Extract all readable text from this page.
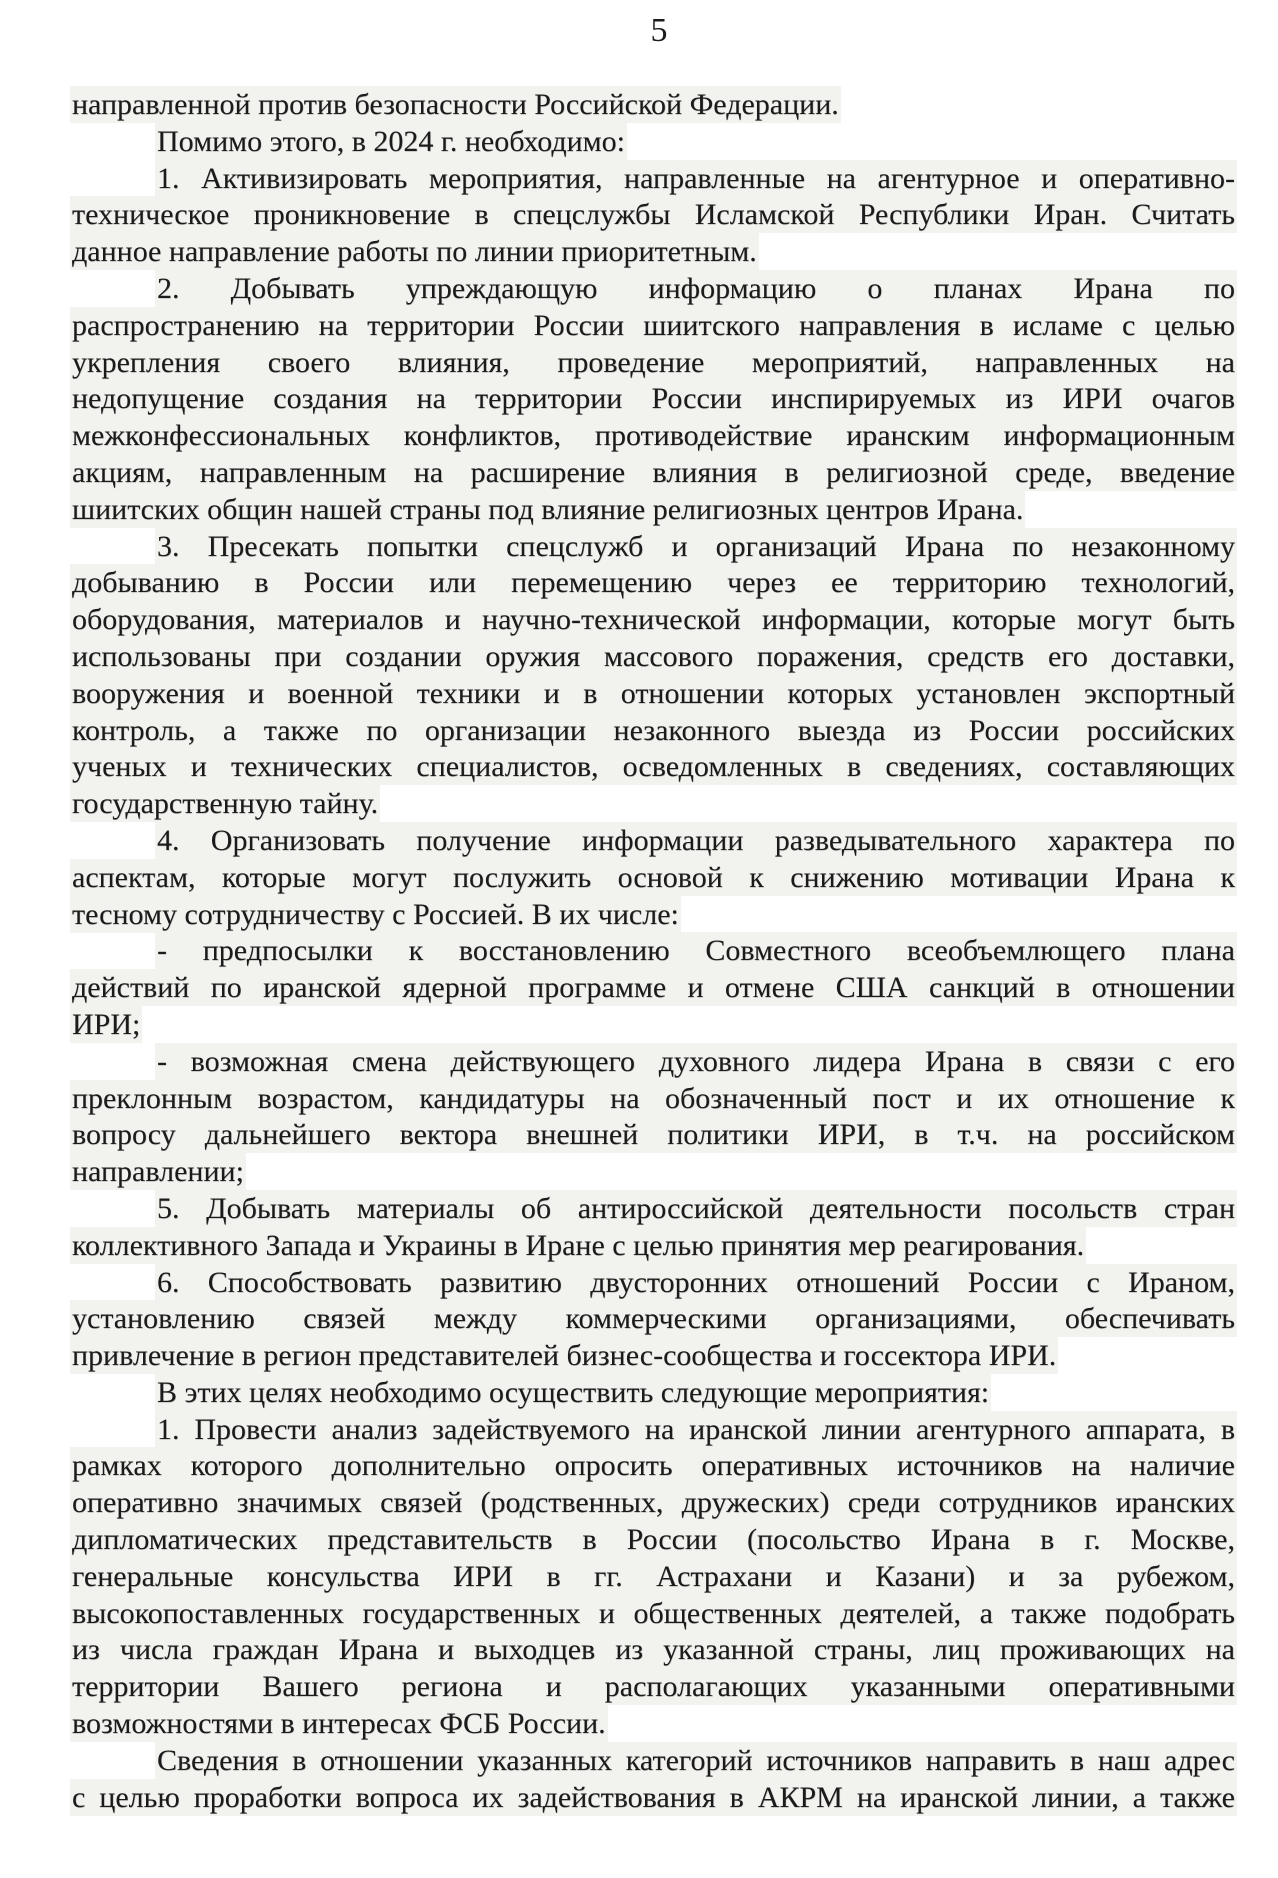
5
направленной против безопасности Российской Федерации.
Помимо этого, в 2024 г. необходимо:
1. Активизировать мероприятия, направленные на агентурное и оперативно-
техническое проникновение в спецслужбы Исламской Республики Иран. Считать
данное направление работы по линии приоритетным.
2. Добывать упреждающую информацию о планах Ирана по
распространению на территории России шиитского направления в исламе с целью
укрепления своего влияния, проведение мероприятий, направленных на
недопущение создания на территории России инспирируемых из ИРИ очагов
межконфессиональных конфликтов, противодействие иранским информационным
акциям, направленным на расширение влияния в религиозной среде, введение
шиитских общин нашей страны под влияние религиозных центров Ирана.
3. Пресекать попытки спецслужб и организаций Ирана по незаконному
добыванию в России или перемещению через ее территорию технологий,
оборудования, материалов и научно-технической информации, которые могут быть
использованы при создании оружия массового поражения, средств его доставки,
вооружения и военной техники и в отношении которых установлен экспортный
контроль, а также по организации незаконного выезда из России российских
ученых и технических специалистов, осведомленных в сведениях, составляющих
государственную тайну.
4. Организовать получение информации разведывательного характера по
аспектам, которые могут послужить основой к снижению мотивации Ирана к
тесному сотрудничеству с Россией. В их числе:
- предпосылки к восстановлению Совместного всеобъемлющего плана
действий по иранской ядерной программе и отмене США санкций в отношении
ИРИ;
- возможная смена действующего духовного лидера Ирана в связи с его
преклонным возрастом, кандидатуры на обозначенный пост и их отношение к
вопросу дальнейшего вектора внешней политики ИРИ, в т.ч. на российском
направлении;
5. Добывать материалы об антироссийской деятельности посольств стран
коллективного Запада и Украины в Иране с целью принятия мер реагирования.
6. Способствовать развитию двусторонних отношений России с Ираном,
установлению связей между коммерческими организациями, обеспечивать
привлечение в регион представителей бизнес-сообщества и госсектора ИРИ.
В этих целях необходимо осуществить следующие мероприятия:
1. Провести анализ задействуемого на иранской линии агентурного аппарата, в
рамках которого дополнительно опросить оперативных источников на наличие
оперативно значимых связей (родственных, дружеских) среди сотрудников иранских
дипломатических представительств в России (посольство Ирана в г. Москве,
генеральные консульства ИРИ в гг. Астрахани и Казани) и за рубежом,
высокопоставленных государственных и общественных деятелей, а также подобрать
из числа граждан Ирана и выходцев из указанной страны, лиц проживающих на
территории Вашего региона и располагающих указанными оперативными
возможностями в интересах ФСБ России.
Сведения в отношении указанных категорий источников направить в наш адрес
с целью проработки вопроса их задействования в АКРМ на иранской линии, а также
